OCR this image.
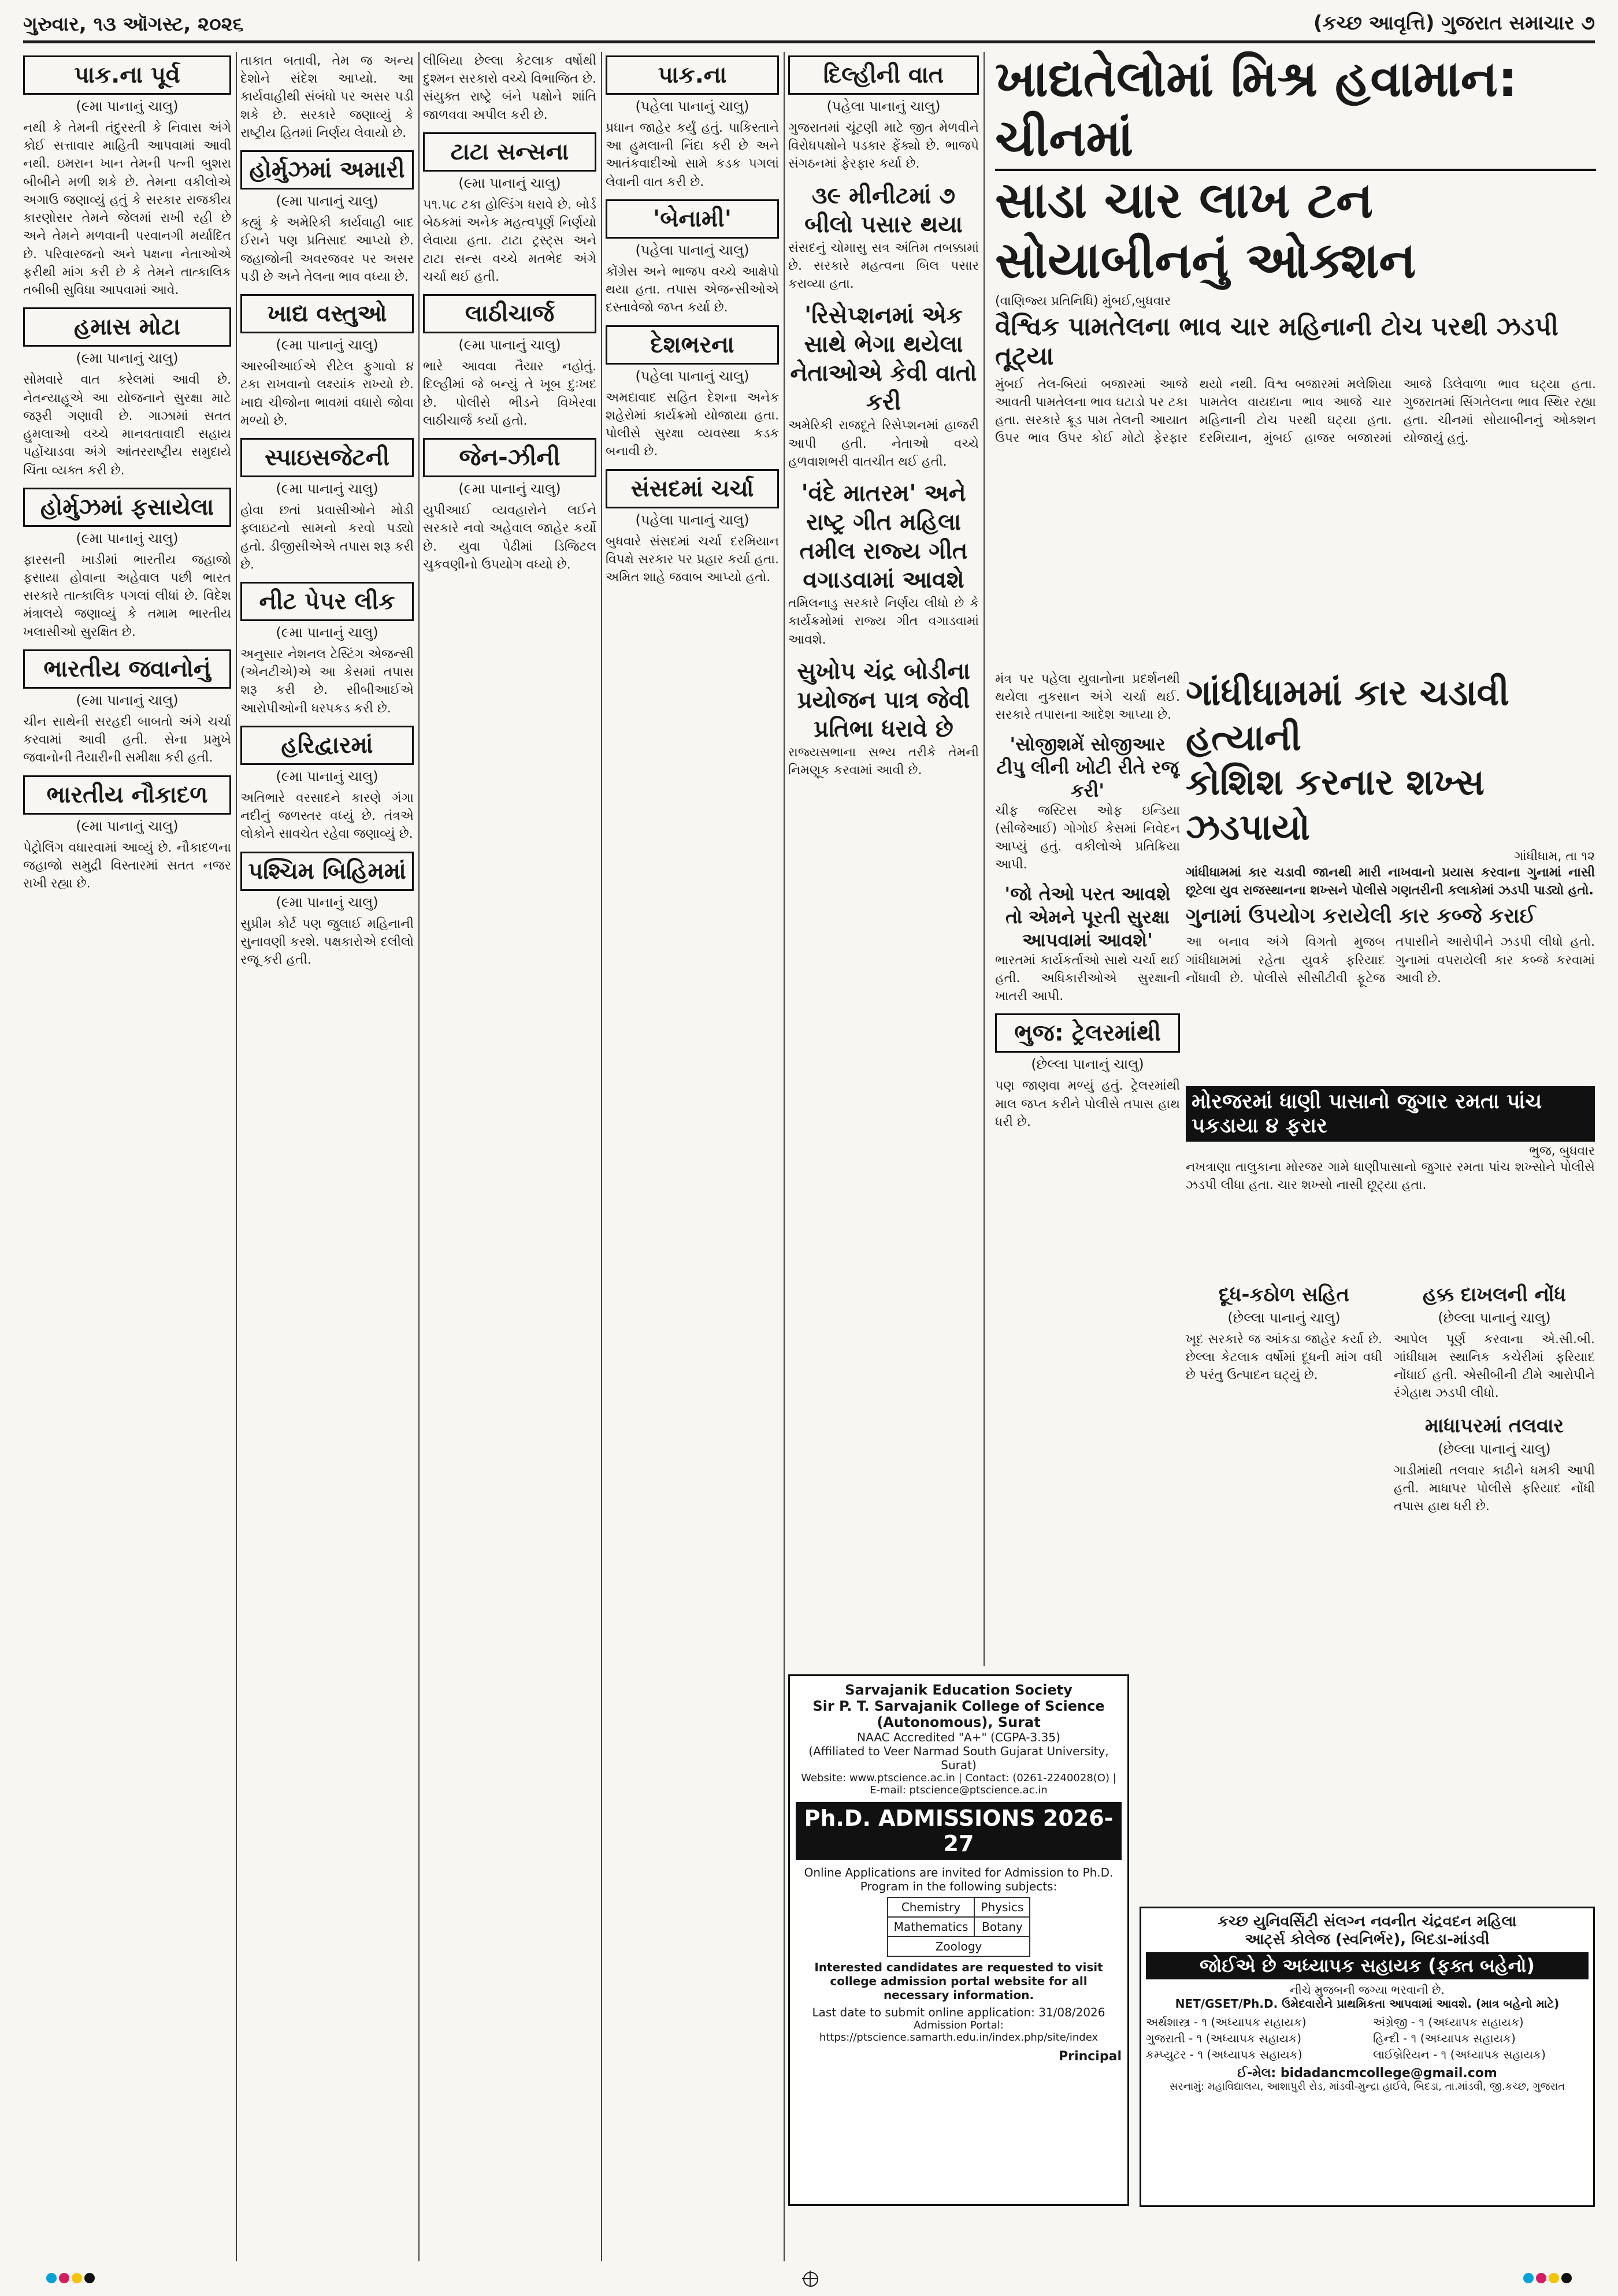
ગુરુવાર, ૧૩ ઑગસ્ટ, ૨૦૨૬	(કચ્છ આવૃત્તિ) ગુજરાત સમાચાર ૭
પાક.ના પૂર્વ
(૯મા પાનાનું ચાલુ)
નથી કે તેમની તંદુરસ્તી કે નિવાસ અંગે કોઈ સત્તાવાર માહિતી આપવામાં આવી નથી. ઇમરાન ખાન તેમની પત્ની બુશરા બીબીને મળી શકે છે. તેમના વકીલોએ અગાઉ જણાવ્યું હતું કે સરકાર રાજકીય કારણોસર તેમને જેલમાં રાખી રહી છે અને તેમને મળવાની પરવાનગી મર્યાદિત છે. પરિવારજનો અને પક્ષના નેતાઓએ ફરીથી માંગ કરી છે કે તેમને તાત્કાલિક તબીબી સુવિધા આપવામાં આવે.
હમાસ મોટા
(૯મા પાનાનું ચાલુ)
સોમવારે વાત કરેલમાં આવી છે. નેતન્યાહૂએ આ યોજનાને સુરક્ષા માટે જરૂરી ગણાવી છે. ગાઝામાં સતત હુમલાઓ વચ્ચે માનવતાવાદી સહાય પહોંચાડવા અંગે આંતરરાષ્ટ્રીય સમુદાયે ચિંતા વ્યક્ત કરી છે.
હોર્મુઝમાં ફસાયેલા
(૯મા પાનાનું ચાલુ)
ફારસની ખાડીમાં ભારતીય જહાજો ફસાયા હોવાના અહેવાલ પછી ભારત સરકારે તાત્કાલિક પગલાં લીધાં છે. વિદેશ મંત્રાલયે જણાવ્યું કે તમામ ભારતીય ખલાસીઓ સુરક્ષિત છે.
ભારતીય જવાનોનું
(૯મા પાનાનું ચાલુ)
ચીન સાથેની સરહદી બાબતો અંગે ચર્ચા કરવામાં આવી હતી. સેના પ્રમુખે જવાનોની તૈયારીની સમીક્ષા કરી હતી.
ભારતીય નૌકાદળ
(૯મા પાનાનું ચાલુ)
પેટ્રોલિંગ વધારવામાં આવ્યું છે. નૌકાદળના જહાજો સમુદ્રી વિસ્તારમાં સતત નજર રાખી રહ્યા છે.
તાકાત બતાવી, તેમ જ અન્ય દેશોને સંદેશ આપ્યો. આ કાર્યવાહીથી સંબંધો પર અસર પડી શકે છે. સરકારે જણાવ્યું કે રાષ્ટ્રીય હિતમાં નિર્ણય લેવાયો છે.
હોર્મુઝમાં અમારી
(૯મા પાનાનું ચાલુ)
કહ્યું કે અમેરિકી કાર્યવાહી બાદ ઈરાને પણ પ્રતિસાદ આપ્યો છે. જહાજોની અવરજવર પર અસર પડી છે અને તેલના ભાવ વધ્યા છે.
ખાદ્ય વસ્તુઓ
(૯મા પાનાનું ચાલુ)
આરબીઆઈએ રીટેલ ફુગાવો ૪ ટકા રાખવાનો લક્ષ્યાંક રાખ્યો છે. ખાદ્ય ચીજોના ભાવમાં વધારો જોવા મળ્યો છે.
સ્પાઇસજેટની
(૯મા પાનાનું ચાલુ)
હોવા છતાં પ્રવાસીઓને મોડી ફ્લાઇટનો સામનો કરવો પડ્યો હતો. ડીજીસીએએ તપાસ શરૂ કરી છે.
નીટ પેપર લીક
(૯મા પાનાનું ચાલુ)
અનુસાર નેશનલ ટેસ્ટિંગ એજન્સી (એનટીએ)એ આ કેસમાં તપાસ શરૂ કરી છે. સીબીઆઈએ આરોપીઓની ધરપકડ કરી છે.
હરિદ્વારમાં
(૯મા પાનાનું ચાલુ)
અતિભારે વરસાદને કારણે ગંગા નદીનું જળસ્તર વધ્યું છે. તંત્રએ લોકોને સાવચેત રહેવા જણાવ્યું છે.
પશ્ચિમ બિહિમમાં
(૯મા પાનાનું ચાલુ)
સુપ્રીમ કોર્ટ પણ જુલાઈ મહિનાની સુનાવણી કરશે. પક્ષકારોએ દલીલો રજૂ કરી હતી.
લીબિયા છેલ્લા કેટલાક વર્ષોથી દુશ્મન સરકારો વચ્ચે વિભાજિત છે. સંયુક્ત રાષ્ટ્રે બંને પક્ષોને શાંતિ જાળવવા અપીલ કરી છે.
ટાટા સન્સના
(૯મા પાનાનું ચાલુ)
૫૧.૫૮ ટકા હોલ્ડિંગ ધરાવે છે. બોર્ડ બેઠકમાં અનેક મહત્વપૂર્ણ નિર્ણયો લેવાયા હતા. ટાટા ટ્રસ્ટ્સ અને ટાટા સન્સ વચ્ચે મતભેદ અંગે ચર્ચા થઈ હતી.
લાઠીચાર્જ
(૯મા પાનાનું ચાલુ)
ભારે આવવા તૈયાર નહોતું. દિલ્હીમાં જે બન્યું તે ખૂબ દુઃખદ છે. પોલીસે ભીડને વિખેરવા લાઠીચાર્જ કર્યો હતો.
જેન-ઝીની
(૯મા પાનાનું ચાલુ)
યુપીઆઈ વ્યવહારોને લઈને સરકારે નવો અહેવાલ જાહેર કર્યો છે. યુવા પેઢીમાં ડિજિટલ ચુકવણીનો ઉપયોગ વધ્યો છે.
પાક.ના
(પહેલા પાનાનું ચાલુ)
પ્રધાન જાહેર કર્યું હતું. પાકિસ્તાને આ હુમલાની નિંદા કરી છે અને આતંકવાદીઓ સામે કડક પગલાં લેવાની વાત કરી છે.
'બેનામી'
(પહેલા પાનાનું ચાલુ)
કોંગ્રેસ અને ભાજપ વચ્ચે આક્ષેપો થયા હતા. તપાસ એજન્સીઓએ દસ્તાવેજો જપ્ત કર્યા છે.
દેશભરના
(પહેલા પાનાનું ચાલુ)
અમદાવાદ સહિત દેશના અનેક શહેરોમાં કાર્યક્રમો યોજાયા હતા. પોલીસે સુરક્ષા વ્યવસ્થા કડક બનાવી છે.
સંસદમાં ચર્ચા
(પહેલા પાનાનું ચાલુ)
બુધવારે સંસદમાં ચર્ચા દરમિયાન વિપક્ષે સરકાર પર પ્રહાર કર્યા હતા. અમિત શાહે જવાબ આપ્યો હતો.
દિલ્હીની વાત
(પહેલા પાનાનું ચાલુ)
ગુજરાતમાં ચૂંટણી માટે જીત મેળવીને વિરોધપક્ષોને પડકાર ફેંક્યો છે. ભાજપે સંગઠનમાં ફેરફાર કર્યા છે.
૩૯ મીનીટમાં ૭ બીલો પસાર થયા
સંસદનું ચોમાસુ સત્ર અંતિમ તબક્કામાં છે. સરકારે મહત્વના બિલ પસાર કરાવ્યા હતા.
'રિસેપ્શનમાં એક સાથે ભેગા થયેલા નેતાઓએ કેવી વાતો કરી
અમેરિકી રાજદૂતે રિસેપ્શનમાં હાજરી આપી હતી. નેતાઓ વચ્ચે હળવાશભરી વાતચીત થઈ હતી.
'વંદે માતરમ' અને રાષ્ટ્ર ગીત મહિલા તમીલ રાજ્ય ગીત વગાડવામાં આવશે
તમિલનાડુ સરકારે નિર્ણય લીધો છે કે કાર્યક્રમોમાં રાજ્ય ગીત વગાડવામાં આવશે.
સુખોપ ચંદ્ર બોડીના પ્રયોજન પાત્ર જેવી પ્રતિભા ધરાવે છે
રાજ્યસભાના સભ્ય તરીકે તેમની નિમણૂક કરવામાં આવી છે.
ખાદ્યતેલોમાં મિશ્ર હવામાન: ચીનમાં
સાડા ચાર લાખ ટન સોયાબીનનું ઓક્શન
(વાણિજ્ય પ્રતિનિધિ) મુંબઈ,બુધવાર
વૈશ્વિક પામતેલના ભાવ ચાર મહિનાની ટોચ પરથી ઝડપી તૂટ્યા
મુંબઈ તેલ-બિયાં બજારમાં આજે આવતી પામતેલના ભાવ ઘટાડો પર ટકા હતા. સરકારે ક્રૂડ પામ તેલની આયાત ઉપર ભાવ ઉપર કોઈ મોટો ફેરફાર થયો નથી. વિશ્વ બજારમાં મલેશિયા પામતેલ વાયદાના ભાવ આજે ચાર મહિનાની ટોચ પરથી ઘટ્યા હતા. દરમિયાન, મુંબઈ હાજર બજારમાં આજે ડિલેવાળા ભાવ ઘટ્યા હતા. ગુજરાતમાં સિંગતેલના ભાવ સ્થિર રહ્યા હતા. ચીનમાં સોયાબીનનું ઓક્શન યોજાયું હતું.
મંત્ર પર પહેલા યુવાનોના પ્રદર્શનથી થયેલા નુકસાન અંગે ચર્ચા થઈ. સરકારે તપાસના આદેશ આપ્યા છે.
'સોજીશમેં સોજીઆર ટીપુ લીની ખોટી રીતે રજૂ કરી'
ચીફ જસ્ટિસ ઓફ ઇન્ડિયા (સીજેઆઈ) ગોગોઈ કેસમાં નિવેદન આપ્યું હતું. વકીલોએ પ્રતિક્રિયા આપી.
'જો તેઓ પરત આવશે તો એમને પૂરતી સુરક્ષા આપવામાં આવશે'
ભારતમાં કાર્યકર્તાઓ સાથે ચર્ચા થઈ હતી. અધિકારીઓએ સુરક્ષાની ખાતરી આપી.
ભુજ: ટ્રેલરમાંથી
(છેલ્લા પાનાનું ચાલુ)
પણ જાણવા મળ્યું હતું. ટ્રેલરમાંથી માલ જપ્ત કરીને પોલીસે તપાસ હાથ ધરી છે.
ગાંધીધામમાં કાર ચડાવી હત્યાની
કોશિશ કરનાર શખ્સ ઝડપાયો
ગાંધીધામ, તા ૧૨
ગાંધીધામમાં કાર ચડાવી જાનથી મારી નાખવાનો પ્રયાસ કરવાના ગુનામાં નાસી છૂટેલા યુવ રાજસ્થાનના શખ્સને પોલીસે ગણતરીની કલાકોમાં ઝડપી પાડ્યો હતો.
ગુનામાં ઉપયોગ કરાયેલી કાર કબ્જે કરાઈ
આ બનાવ અંગે વિગતો મુજબ ગાંધીધામમાં રહેતા યુવકે ફરિયાદ નોંધાવી છે. પોલીસે સીસીટીવી ફૂટેજ તપાસીને આરોપીને ઝડપી લીધો હતો. ગુનામાં વપરાયેલી કાર કબ્જે કરવામાં આવી છે.
મોરજરમાં ધાણી પાસાનો જુગાર રમતા પાંચ પકડાયા ૪ ફરાર
ભુજ, બુધવાર
નખત્રાણા તાલુકાના મોરજર ગામે ધાણીપાસાનો જુગાર રમતા પાંચ શખ્સોને પોલીસે ઝડપી લીધા હતા. ચાર શખ્સો નાસી છૂટ્યા હતા.
દૂધ-કઠોળ સહિત
(છેલ્લા પાનાનું ચાલુ)
ખૂદ સરકારે જ આંકડા જાહેર કર્યા છે. છેલ્લા કેટલાક વર્ષોમાં દૂધની માંગ વધી છે પરંતુ ઉત્પાદન ઘટ્યું છે.
હક્ક દાખલની નોંધ
(છેલ્લા પાનાનું ચાલુ)
આપેલ પૂર્ણ કરવાના એ.સી.બી. ગાંધીધામ સ્થાનિક કચેરીમાં ફરિયાદ નોંધાઈ હતી. એસીબીની ટીમે આરોપીને રંગેહાથ ઝડપી લીધો.
માધાપરમાં તલવાર
(છેલ્લા પાનાનું ચાલુ)
ગાડીમાંથી તલવાર કાઢીને ધમકી આપી હતી. માધાપર પોલીસે ફરિયાદ નોંધી તપાસ હાથ ધરી છે.
Sarvajanik Education Society
Sir P. T. Sarvajanik College of Science (Autonomous), Surat
NAAC Accredited "A+" (CGPA-3.35)
(Affiliated to Veer Narmad South Gujarat University, Surat)
Website: www.ptscience.ac.in | Contact: (0261-2240028(O) | E-mail: ptscience@ptscience.ac.in
Ph.D. ADMISSIONS 2026-27
Online Applications are invited for Admission to Ph.D. Program in the following subjects:
Chemistry	Physics
Mathematics	Botany
Zoology	
Interested candidates are requested to visit college admission portal website for all necessary information.
Last date to submit online application: 31/08/2026
Admission Portal: https://ptscience.samarth.edu.in/index.php/site/index
Principal
કચ્છ યુનિવર્સિટી સંલગ્ન નવનીત ચંદ્રવદન મહિલા
આર્ટ્સ કોલેજ (સ્વનિર્ભર), બિદડા-માંડવી
જોઈએ છે અધ્યાપક સહાયક (ફક્ત બહેનો)
નીચે મુજબની જગ્યા ભરવાની છે.
NET/GSET/Ph.D. ઉમેદવારોને પ્રાથમિકતા આપવામાં આવશે. (માત્ર બહેનો માટે)
અર્થશાસ્ત્ર - ૧ (અધ્યાપક સહાયક)	અંગ્રેજી - ૧ (અધ્યાપક સહાયક)
ગુજરાતી - ૧ (અધ્યાપક સહાયક)	હિન્દી - ૧ (અધ્યાપક સહાયક)
કમ્પ્યુટર - ૧ (અધ્યાપક સહાયક)	લાઈબ્રેરિયન - ૧ (અધ્યાપક સહાયક)
ઈ-મેલ: bidadancmcollege@gmail.com
સરનામું: મહાવિદ્યાલય, આશાપુરી રોડ, માંડવી-મુન્દ્રા હાઈવે, બિદડા, તા.માંડવી, જી.કચ્છ, ગુજરાત
